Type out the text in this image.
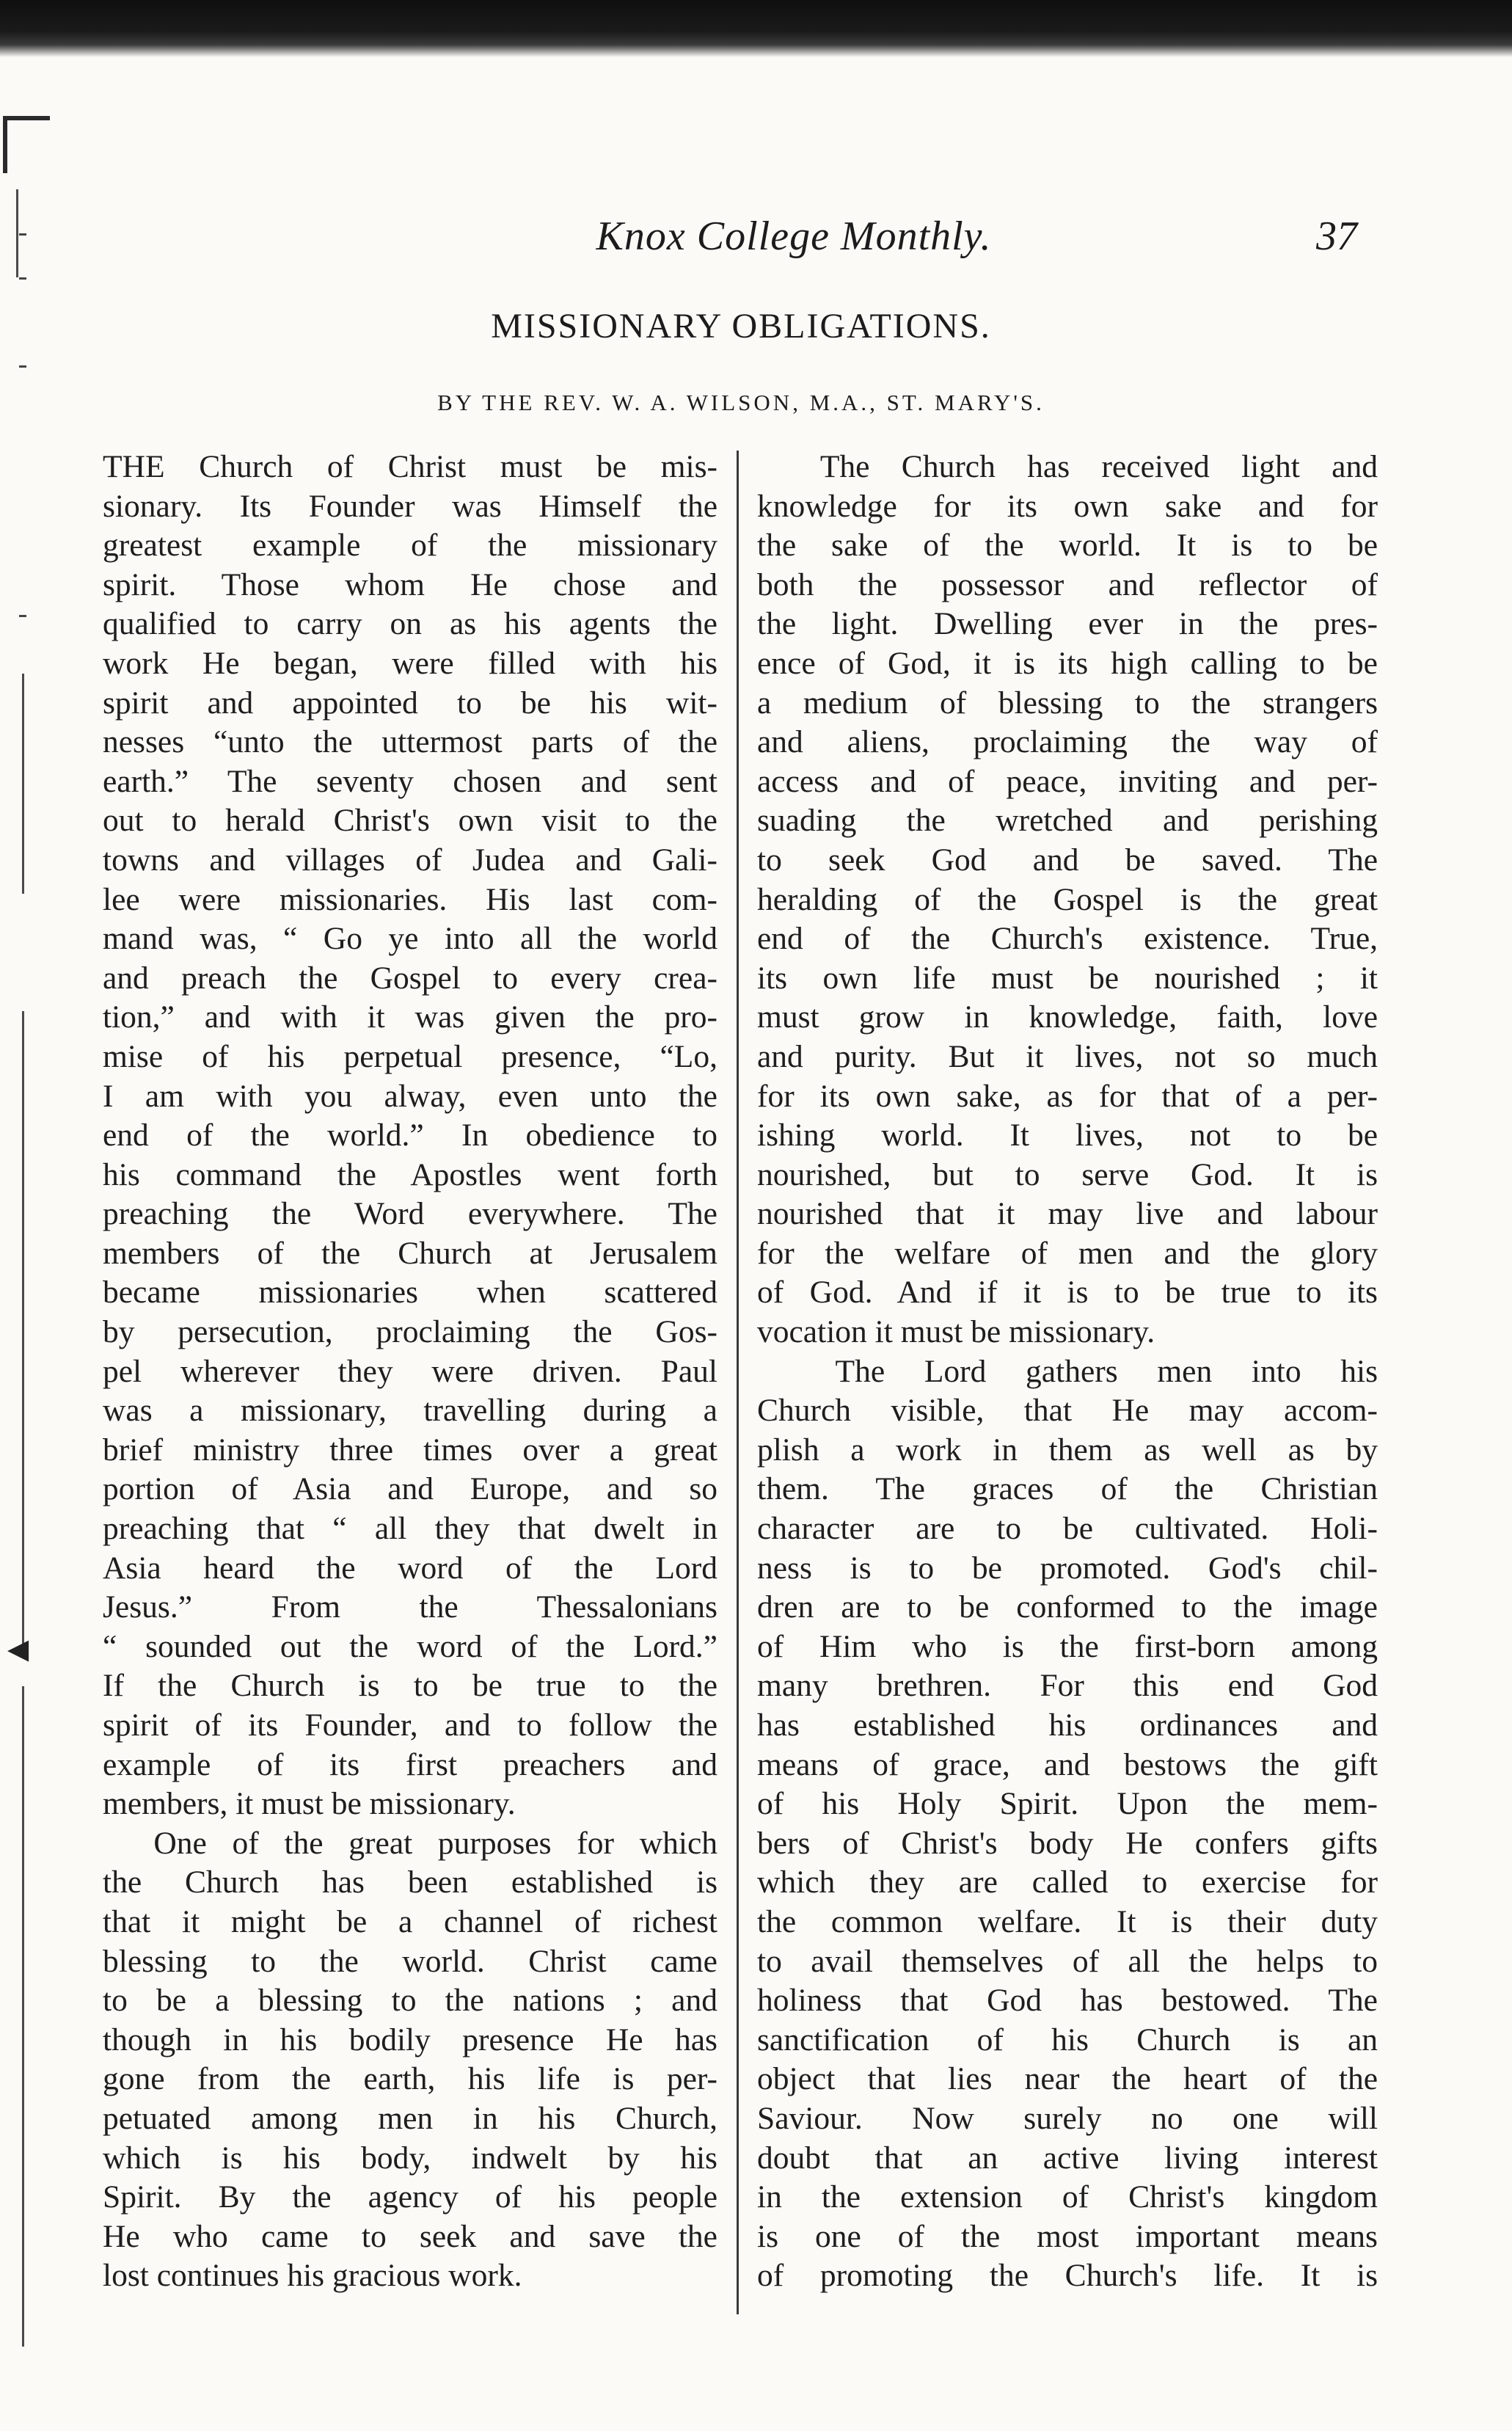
◀
Knox College Monthly.	37
MISSIONARY OBLIGATIONS.
BY THE REV. W. A. WILSON, M.A., ST. MARY'S.
THE Church of Christ must be mis-
sionary. Its Founder was Himself the
greatest example of the missionary
spirit. Those whom He chose and
qualified to carry on as his agents the
work He began, were filled with his
spirit and appointed to be his wit-
nesses “unto the uttermost parts of the
earth.” The seventy chosen and sent
out to herald Christ's own visit to the
towns and villages of Judea and Gali-
lee were missionaries. His last com-
mand was, “ Go ye into all the world
and preach the Gospel to every crea-
tion,” and with it was given the pro-
mise of his perpetual presence, “Lo,
I am with you alway, even unto the
end of the world.” In obedience to
his command the Apostles went forth
preaching the Word everywhere. The
members of the Church at Jerusalem
became missionaries when scattered
by persecution, proclaiming the Gos-
pel wherever they were driven. Paul
was a missionary, travelling during a
brief ministry three times over a great
portion of Asia and Europe, and so
preaching that “ all they that dwelt in
Asia heard the word of the Lord
Jesus.” From the Thessalonians
“ sounded out the word of the Lord.”
If the Church is to be true to the
spirit of its Founder, and to follow the
example of its first preachers and
members, it must be missionary.
One of the great purposes for which
the Church has been established is
that it might be a channel of richest
blessing to the world. Christ came
to be a blessing to the nations ; and
though in his bodily presence He has
gone from the earth, his life is per-
petuated among men in his Church,
which is his body, indwelt by his
Spirit. By the agency of his people
He who came to seek and save the
lost continues his gracious work.
The Church has received light and
knowledge for its own sake and for
the sake of the world. It is to be
both the possessor and reflector of
the light. Dwelling ever in the pres-
ence of God, it is its high calling to be
a medium of blessing to the strangers
and aliens, proclaiming the way of
access and of peace, inviting and per-
suading the wretched and perishing
to seek God and be saved. The
heralding of the Gospel is the great
end of the Church's existence. True,
its own life must be nourished ; it
must grow in knowledge, faith, love
and purity. But it lives, not so much
for its own sake, as for that of a per-
ishing world. It lives, not to be
nourished, but to serve God. It is
nourished that it may live and labour
for the welfare of men and the glory
of God. And if it is to be true to its
vocation it must be missionary.
The Lord gathers men into his
Church visible, that He may accom-
plish a work in them as well as by
them. The graces of the Christian
character are to be cultivated. Holi-
ness is to be promoted. God's chil-
dren are to be conformed to the image
of Him who is the first-born among
many brethren. For this end God
has established his ordinances and
means of grace, and bestows the gift
of his Holy Spirit. Upon the mem-
bers of Christ's body He confers gifts
which they are called to exercise for
the common welfare. It is their duty
to avail themselves of all the helps to
holiness that God has bestowed. The
sanctification of his Church is an
object that lies near the heart of the
Saviour. Now surely no one will
doubt that an active living interest
in the extension of Christ's kingdom
is one of the most important means
of promoting the Church's life. It is
